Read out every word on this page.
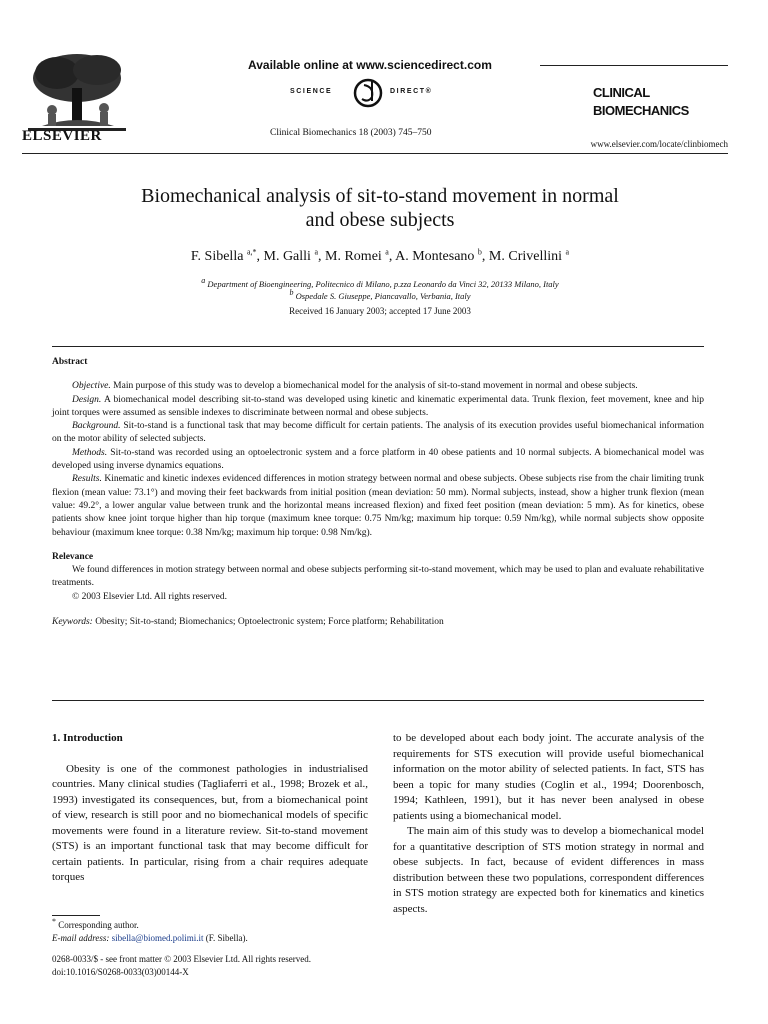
ELSEVIER
Available online at www.sciencedirect.com
SCIENCE	DIRECT®
Clinical Biomechanics 18 (2003) 745–750
CLINICAL
BIOMECHANICS
www.elsevier.com/locate/clinbiomech
Biomechanical analysis of sit-to-stand movement in normal
and obese subjects
F. Sibella $^{a,*}$, M. Galli $^a$, M. Romei $^a$, A. Montesano $^b$, M. Crivellini $^a$
$^a$ Department of Bioengineering, Politecnico di Milano, p.zza Leonardo da Vinci 32, 20133 Milano, Italy
$^b$ Ospedale S. Giuseppe, Piancavallo, Verbania, Italy
Received 16 January 2003; accepted 17 June 2003
Abstract

Objective. Main purpose of this study was to develop a biomechanical model for the analysis of sit-to-stand movement in normal and obese subjects.

Design. A biomechanical model describing sit-to-stand was developed using kinetic and kinematic experimental data. Trunk flexion, feet movement, knee and hip joint torques were assumed as sensible indexes to discriminate between normal and obese subjects.

Background. Sit-to-stand is a functional task that may become difficult for certain patients. The analysis of its execution provides useful biomechanical information on the motor ability of selected subjects.

Methods. Sit-to-stand was recorded using an optoelectronic system and a force platform in 40 obese patients and 10 normal subjects. A biomechanical model was developed using inverse dynamics equations.

Results. Kinematic and kinetic indexes evidenced differences in motion strategy between normal and obese subjects. Obese subjects rise from the chair limiting trunk flexion (mean value: 73.1°) and moving their feet backwards from initial position (mean deviation: 50 mm). Normal subjects, instead, show a higher trunk flexion (mean value: 49.2°, a lower angular value between trunk and the horizontal means increased flexion) and fixed feet position (mean deviation: 5 mm). As for kinetics, obese patients show knee joint torque higher than hip torque (maximum knee torque: 0.75 Nm/kg; maximum hip torque: 0.59 Nm/kg), while normal subjects show opposite behaviour (maximum knee torque: 0.38 Nm/kg; maximum hip torque: 0.98 Nm/kg).

Relevance

We found differences in motion strategy between normal and obese subjects performing sit-to-stand movement, which may be used to plan and evaluate rehabilitative treatments.

© 2003 Elsevier Ltd. All rights reserved.

Keywords: Obesity; Sit-to-stand; Biomechanics; Optoelectronic system; Force platform; Rehabilitation

1. Introduction

Obesity is one of the commonest pathologies in industrialised countries. Many clinical studies (Tagliaferri et al., 1998; Brozek et al., 1993) investigated its consequences, but, from a biomechanical point of view, research is still poor and no biomechanical models of specific movements were found in a literature review. Sit-to-stand movement (STS) is an important functional task that may become difficult for certain patients. In particular, rising from a chair requires adequate torques

to be developed about each body joint. The accurate analysis of the requirements for STS execution will provide useful biomechanical information on the motor ability of selected patients. In fact, STS has been a topic for many studies (Coglin et al., 1994; Doorenbosch, 1994; Kathleen, 1991), but it has never been analysed in obese patients using a biomechanical model.

The main aim of this study was to develop a biomechanical model for a quantitative description of STS motion strategy in normal and obese subjects. In fact, because of evident differences in mass distribution between these two populations, correspondent differences in STS motion strategy are expected both for kinematics and kinetics aspects.

* Corresponding author.
E-mail address: sibella@biomed.polimi.it (F. Sibella).
0268-0033/$ - see front matter © 2003 Elsevier Ltd. All rights reserved.
doi:10.1016/S0268-0033(03)00144-X
